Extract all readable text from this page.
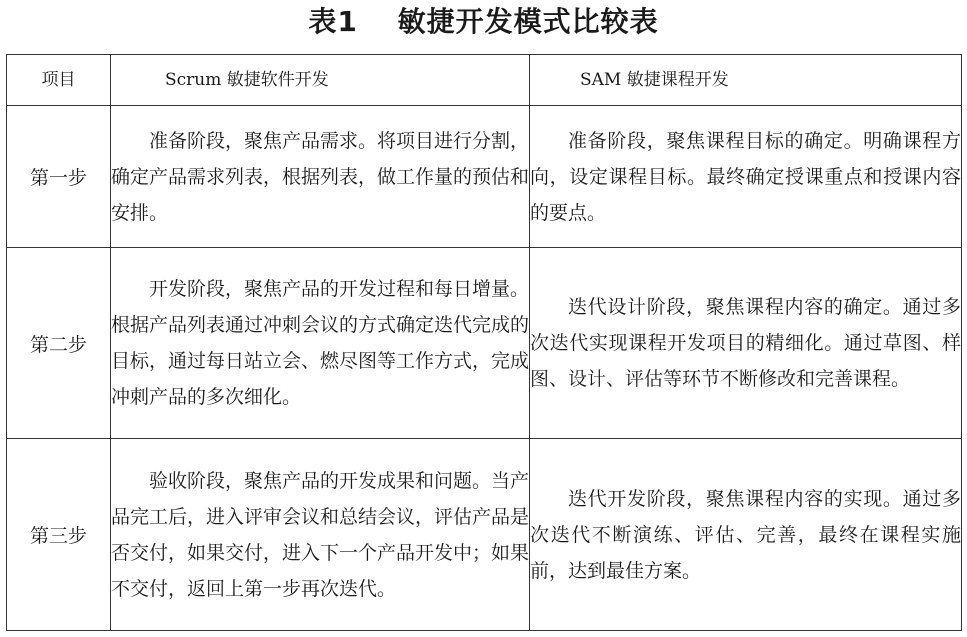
表1　 敏捷开发模式比较表
项目	Scrum 敏捷软件开发	SAM 敏捷课程开发
第一步	准备阶段，聚焦产品需求。将项目进行分割，确定产品需求列表，根据列表，做工作量的预估和安排。	准备阶段，聚焦课程目标的确定。明确课程方向，设定课程目标。最终确定授课重点和授课内容的要点。
第二步	开发阶段，聚焦产品的开发过程和每日增量。根据产品列表通过冲刺会议的方式确定迭代完成的目标，通过每日站立会、燃尽图等工作方式，完成冲刺产品的多次细化。	迭代设计阶段，聚焦课程内容的确定。通过多次迭代实现课程开发项目的精细化。通过草图、样图、设计、评估等环节不断修改和完善课程。
第三步	验收阶段，聚焦产品的开发成果和问题。当产品完工后，进入评审会议和总结会议，评估产品是否交付，如果交付，进入下一个产品开发中；如果不交付，返回上第一步再次迭代。	迭代开发阶段，聚焦课程内容的实现。通过多次迭代不断演练、评估、完善，最终在课程实施前，达到最佳方案。
